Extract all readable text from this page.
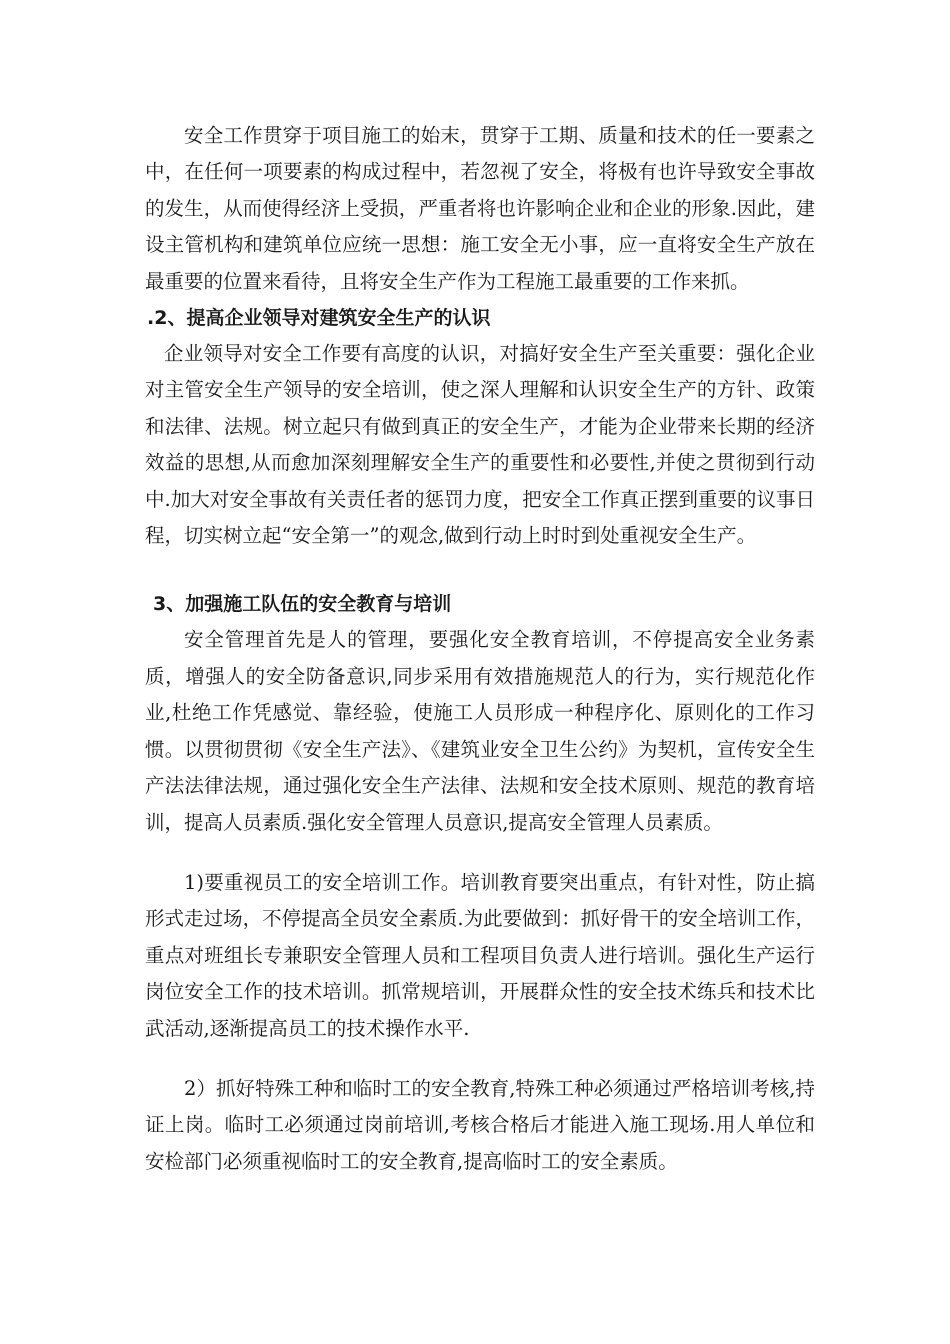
安全工作贯穿于项目施工的始末，贯穿于工期、质量和技术的任一要素之中，在任何一项要素的构成过程中，若忽视了安全，将极有也许导致安全事故的发生，从而使得经济上受损，严重者将也许影响企业和企业的形象.因此，建设主管机构和建筑单位应统一思想：施工安全无小事，应一直将安全生产放在最重要的位置来看待，且将安全生产作为工程施工最重要的工作来抓。

.2、提高企业领导对建筑安全生产的认识

企业领导对安全工作要有高度的认识，对搞好安全生产至关重要：强化企业对主管安全生产领导的安全培训，使之深人理解和认识安全生产的方针、政策和法律、法规。树立起只有做到真正的安全生产，才能为企业带来长期的经济效益的思想,从而愈加深刻理解安全生产的重要性和必要性,并使之贯彻到行动中.加大对安全事故有关责任者的惩罚力度，把安全工作真正摆到重要的议事日程，切实树立起“安全第一”的观念,做到行动上时时到处重视安全生产。

3、加强施工队伍的安全教育与培训

安全管理首先是人的管理，要强化安全教育培训，不停提高安全业务素质，增强人的安全防备意识,同步采用有效措施规范人的行为，实行规范化作业,杜绝工作凭感觉、靠经验，使施工人员形成一种程序化、原则化的工作习惯。以贯彻贯彻《安全生产法》、《建筑业安全卫生公约》为契机，宣传安全生产法法律法规，通过强化安全生产法律、法规和安全技术原则、规范的教育培训，提高人员素质.强化安全管理人员意识,提高安全管理人员素质。

1)要重视员工的安全培训工作。培训教育要突出重点，有针对性，防止搞形式走过场，不停提高全员安全素质.为此要做到：抓好骨干的安全培训工作，重点对班组长专兼职安全管理人员和工程项目负责人进行培训。强化生产运行岗位安全工作的技术培训。抓常规培训，开展群众性的安全技术练兵和技术比武活动,逐渐提高员工的技术操作水平.

2）抓好特殊工种和临时工的安全教育,特殊工种必须通过严格培训考核,持证上岗。临时工必须通过岗前培训,考核合格后才能进入施工现场.用人单位和安检部门必须重视临时工的安全教育,提高临时工的安全素质。
